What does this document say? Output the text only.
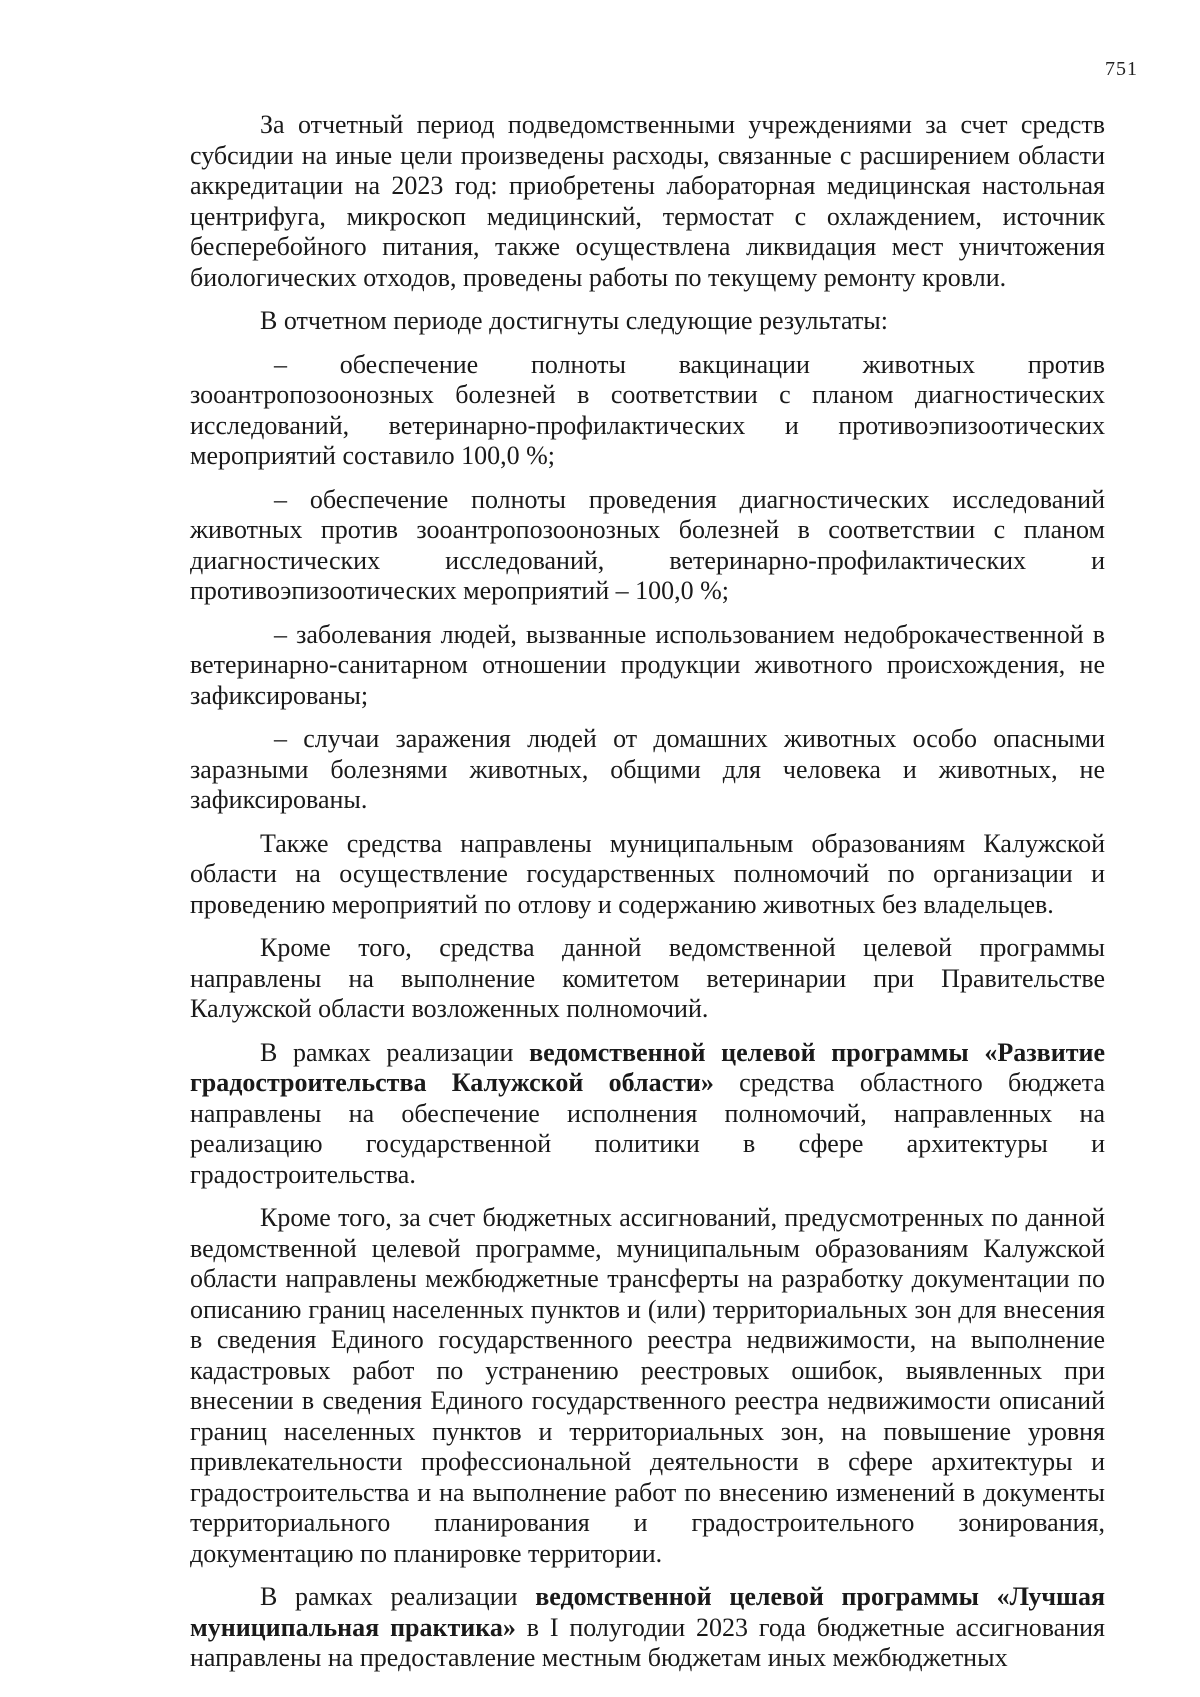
751

За отчетный период подведомственными учреждениями за счет средств субсидии на иные цели произведены расходы, связанные с расширением области аккредитации на 2023 год: приобретены лабораторная медицинская настольная центрифуга, микроскоп медицинский, термостат с охлаждением, источник бесперебойного питания, также осуществлена ликвидация мест уничтожения биологических отходов, проведены работы по текущему ремонту кровли.

В отчетном периоде достигнуты следующие результаты:

– обеспечение полноты вакцинации животных против зооантропозоонозных болезней в соответствии с планом диагностических исследований, ветеринарно-профилактических и противоэпизоотических мероприятий составило 100,0 %;

– обеспечение полноты проведения диагностических исследований животных против зооантропозоонозных болезней в соответствии с планом диагностических исследований, ветеринарно-профилактических и противоэпизоотических мероприятий – 100,0 %;

– заболевания людей, вызванные использованием недоброкачественной в ветеринарно-санитарном отношении продукции животного происхождения, не зафиксированы;

– случаи заражения людей от домашних животных особо опасными заразными болезнями животных, общими для человека и животных, не зафиксированы.

Также средства направлены муниципальным образованиям Калужской области на осуществление государственных полномочий по организации и проведению мероприятий по отлову и содержанию животных без владельцев.

Кроме того, средства данной ведомственной целевой программы направлены на выполнение комитетом ветеринарии при Правительстве Калужской области возложенных полномочий.

В рамках реализации ведомственной целевой программы «Развитие градостроительства Калужской области» средства областного бюджета направлены на обеспечение исполнения полномочий, направленных на реализацию государственной политики в сфере архитектуры и градостроительства.

Кроме того, за счет бюджетных ассигнований, предусмотренных по данной ведомственной целевой программе, муниципальным образованиям Калужской области направлены межбюджетные трансферты на разработку документации по описанию границ населенных пунктов и (или) территориальных зон для внесения в сведения Единого государственного реестра недвижимости, на выполнение кадастровых работ по устранению реестровых ошибок, выявленных при внесении в сведения Единого государственного реестра недвижимости описаний границ населенных пунктов и территориальных зон, на повышение уровня привлекательности профессиональной деятельности в сфере архитектуры и градостроительства и на выполнение работ по внесению изменений в документы территориального планирования и градостроительного зонирования, документацию по планировке территории.

В рамках реализации ведомственной целевой программы «Лучшая муниципальная практика» в I полугодии 2023 года бюджетные ассигнования направлены на предоставление местным бюджетам иных межбюджетных
